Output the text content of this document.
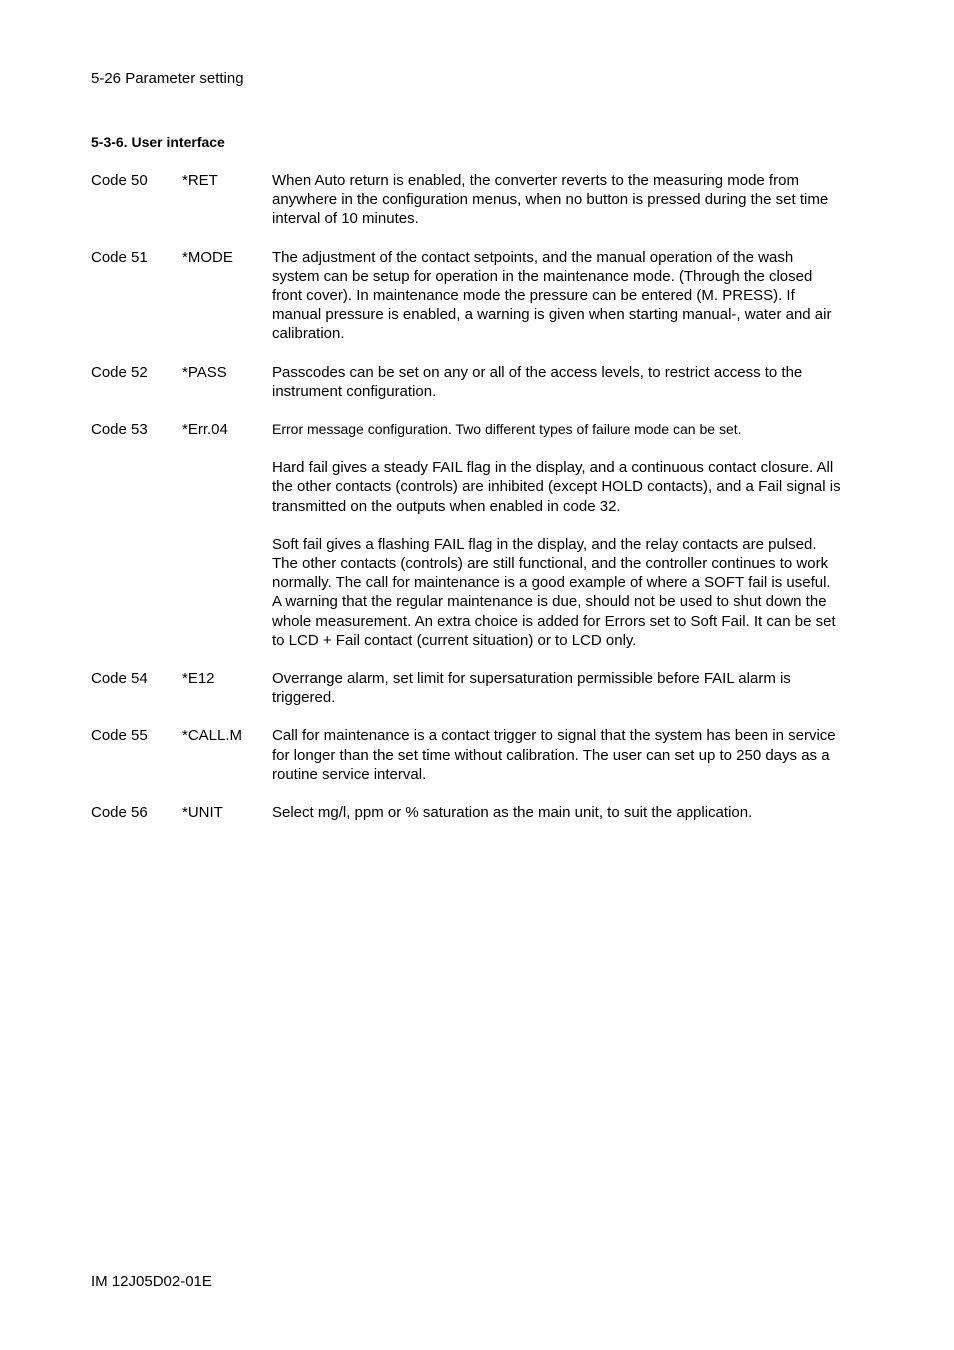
5-26 Parameter setting
5-3-6. User interface
Code 50	*RET	When Auto return is enabled, the converter reverts to the measuring mode from anywhere in the configuration menus, when no button is pressed during the set time interval of 10 minutes.

Code 51	*MODE	The adjustment of the contact setpoints, and the manual operation of the wash system can be setup for operation in the maintenance mode. (Through the closed front cover). In maintenance mode the pressure can be entered (M. PRESS). If manual pressure is enabled, a warning is given when starting manual-, water and air calibration.

Code 52	*PASS	Passcodes can be set on any or all of the access levels, to restrict access to the instrument configuration.

Code 53	*Err.04	Error message configuration. Two different types of failure mode can be set.

Hard fail gives a steady FAIL flag in the display, and a continuous contact closure. All the other contacts (controls) are inhibited (except HOLD contacts), and a Fail signal is transmitted on the outputs when enabled in code 32.

Soft fail gives a flashing FAIL flag in the display, and the relay contacts are pulsed. The other contacts (controls) are still functional, and the controller continues to work normally. The call for maintenance is a good example of where a SOFT fail is useful. A warning that the regular maintenance is due, should not be used to shut down the whole measurement. An extra choice is added for Errors set to Soft Fail. It can be set to LCD + Fail contact (current situation) or to LCD only.

Code 54	*E12	Overrange alarm, set limit for supersaturation permissible before FAIL alarm is triggered.

Code 55	*CALL.M	Call for maintenance is a contact trigger to signal that the system has been in service for longer than the set time without calibration. The user can set up to 250 days as a routine service interval.

Code 56	*UNIT	Select mg/l, ppm or % saturation as the main unit, to suit the application.

IM 12J05D02-01E
